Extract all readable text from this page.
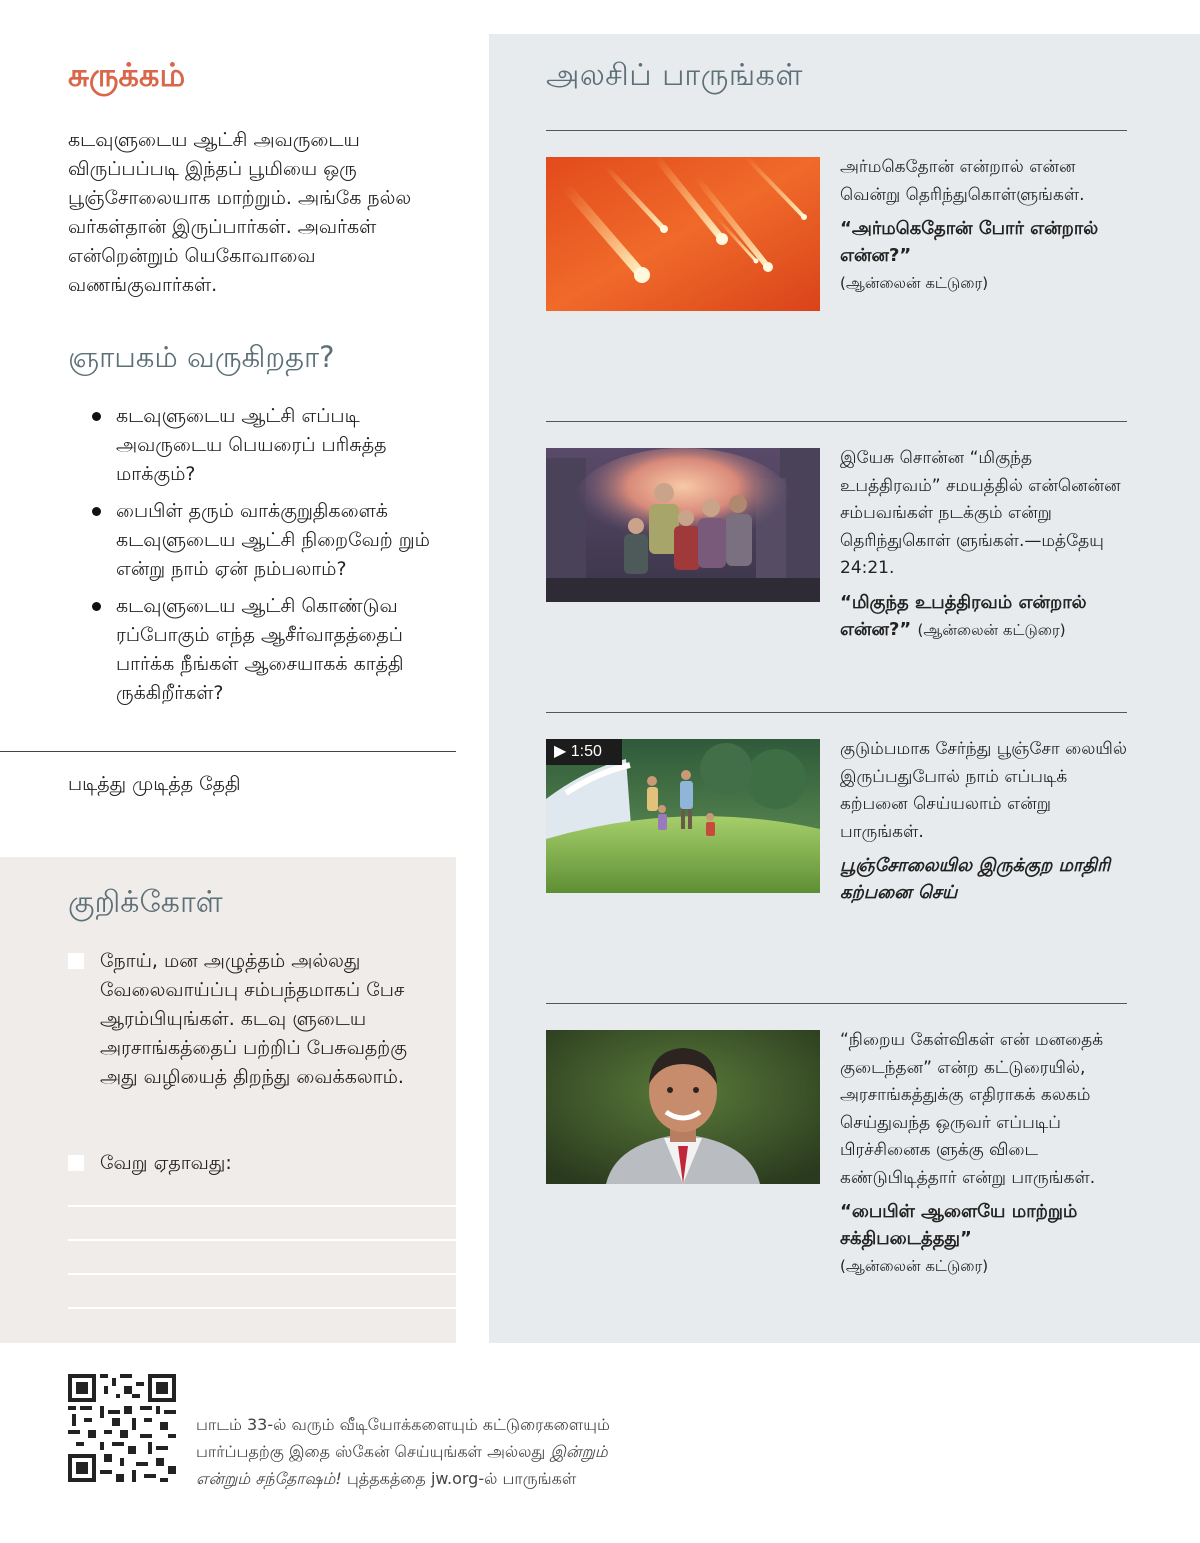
சுருக்கம்

கடவுளுடைய ஆட்சி அவருடைய விருப்பப்படி இந்தப் பூமியை ஒரு பூஞ்சோலையாக மாற்றும். அங்கே நல்ல வர்கள்தான் இருப்பார்கள். அவர்கள் என்றென்றும் யெகோவாவை வணங்குவார்கள்.

ஞாபகம் வருகிறதா?
கடவுளுடைய ஆட்சி எப்படி அவருடைய பெயரைப் பரிசுத்த மாக்கும்?
பைபிள் தரும் வாக்குறுதிகளைக் கடவுளுடைய ஆட்சி நிறைவேற் றும் என்று நாம் ஏன் நம்பலாம்?
கடவுளுடைய ஆட்சி கொண்டுவ ரப்போகும் எந்த ஆசீர்வாதத்தைப் பார்க்க நீங்கள் ஆசையாகக் காத்தி ருக்கிறீர்கள்?
படித்து முடித்த தேதி
குறிக்கோள்
நோய், மன அழுத்தம் அல்லது வேலைவாய்ப்பு சம்பந்தமாகப் பேச ஆரம்பியுங்கள். கடவு ளுடைய அரசாங்கத்தைப் பற்றிப் பேசுவதற்கு அது வழியைத் திறந்து வைக்கலாம்.
வேறு ஏதாவது:
அலசிப் பாருங்கள்
அர்மகெதோன் என்றால் என்ன வென்று தெரிந்துகொள்ளுங்கள்.
“அர்மகெதோன் போர் என்றால் என்ன?”
(ஆன்லைன் கட்டுரை)
இயேசு சொன்ன “மிகுந்த உபத்திரவம்” சமயத்தில் என்னென்ன சம்பவங்கள் நடக்கும் என்று தெரிந்துகொள் ளுங்கள்.—மத்தேயு 24:21.
“மிகுந்த உபத்திரவம் என்றால் என்ன?” (ஆன்லைன் கட்டுரை)
▶ 1:50	குடும்பமாக சேர்ந்து பூஞ்சோ லையில் இருப்பதுபோல் நாம் எப்படிக் கற்பனை செய்யலாம் என்று பாருங்கள்.
பூஞ்சோலையில இருக்குற மாதிரி கற்பனை செய்
“நிறைய கேள்விகள் என் மனதைக் குடைந்தன” என்ற கட்டுரையில், அரசாங்கத்துக்கு எதிராகக் கலகம் செய்துவந்த ஒருவர் எப்படிப் பிரச்சினைக ளுக்கு விடை கண்டுபிடித்தார் என்று பாருங்கள்.
“பைபிள் ஆளையே மாற்றும் சக்திபடைத்தது”
(ஆன்லைன் கட்டுரை)
பாடம் 33-ல் வரும் வீடியோக்களையும் கட்டுரைகளையும்
பார்ப்பதற்கு இதை ஸ்கேன் செய்யுங்கள் அல்லது இன்றும்
என்றும் சந்தோஷம்! புத்தகத்தை jw.org-ல் பாருங்கள்
